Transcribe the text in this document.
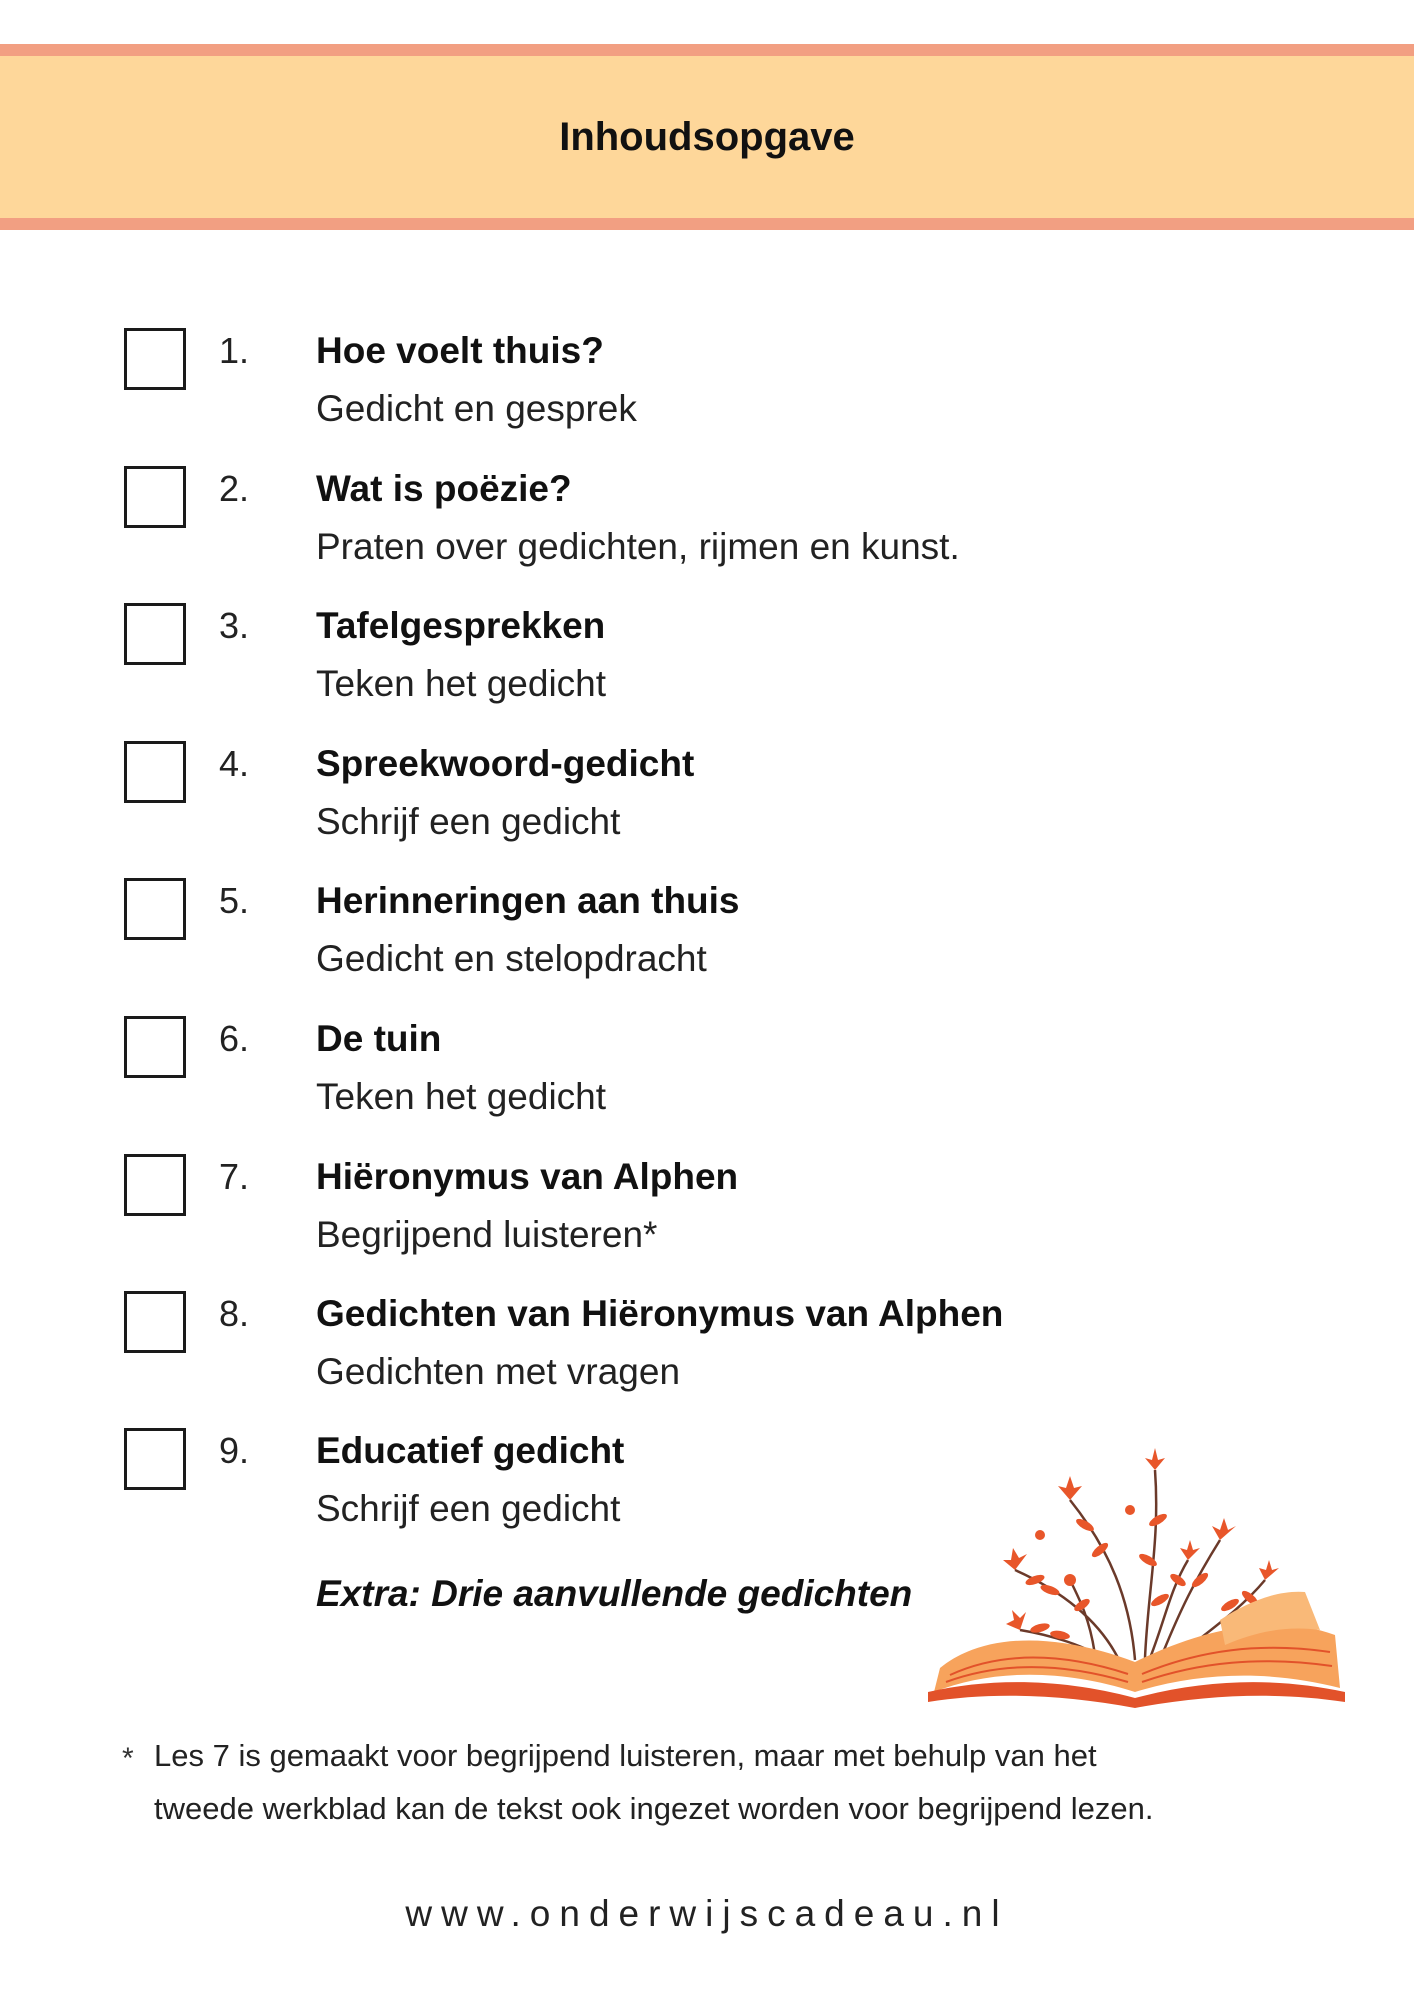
Inhoudsopgave
1. Hoe voelt thuis?
Gedicht en gesprek
2. Wat is poëzie?
Praten over gedichten, rijmen en kunst.
3. Tafelgesprekken
Teken het gedicht
4. Spreekwoord-gedicht
Schrijf een gedicht
5. Herinneringen aan thuis
Gedicht en stelopdracht
6. De tuin
Teken het gedicht
7. Hiëronymus van Alphen
Begrijpend luisteren*
8. Gedichten van Hiëronymus van Alphen
Gedichten met vragen
9. Educatief gedicht
Schrijf een gedicht
Extra: Drie aanvullende gedichten
* Les 7 is gemaakt voor begrijpend luisteren, maar met behulp van het
tweede werkblad kan de tekst ook ingezet worden voor begrijpend lezen.
www.onderwijscadeau.nl
